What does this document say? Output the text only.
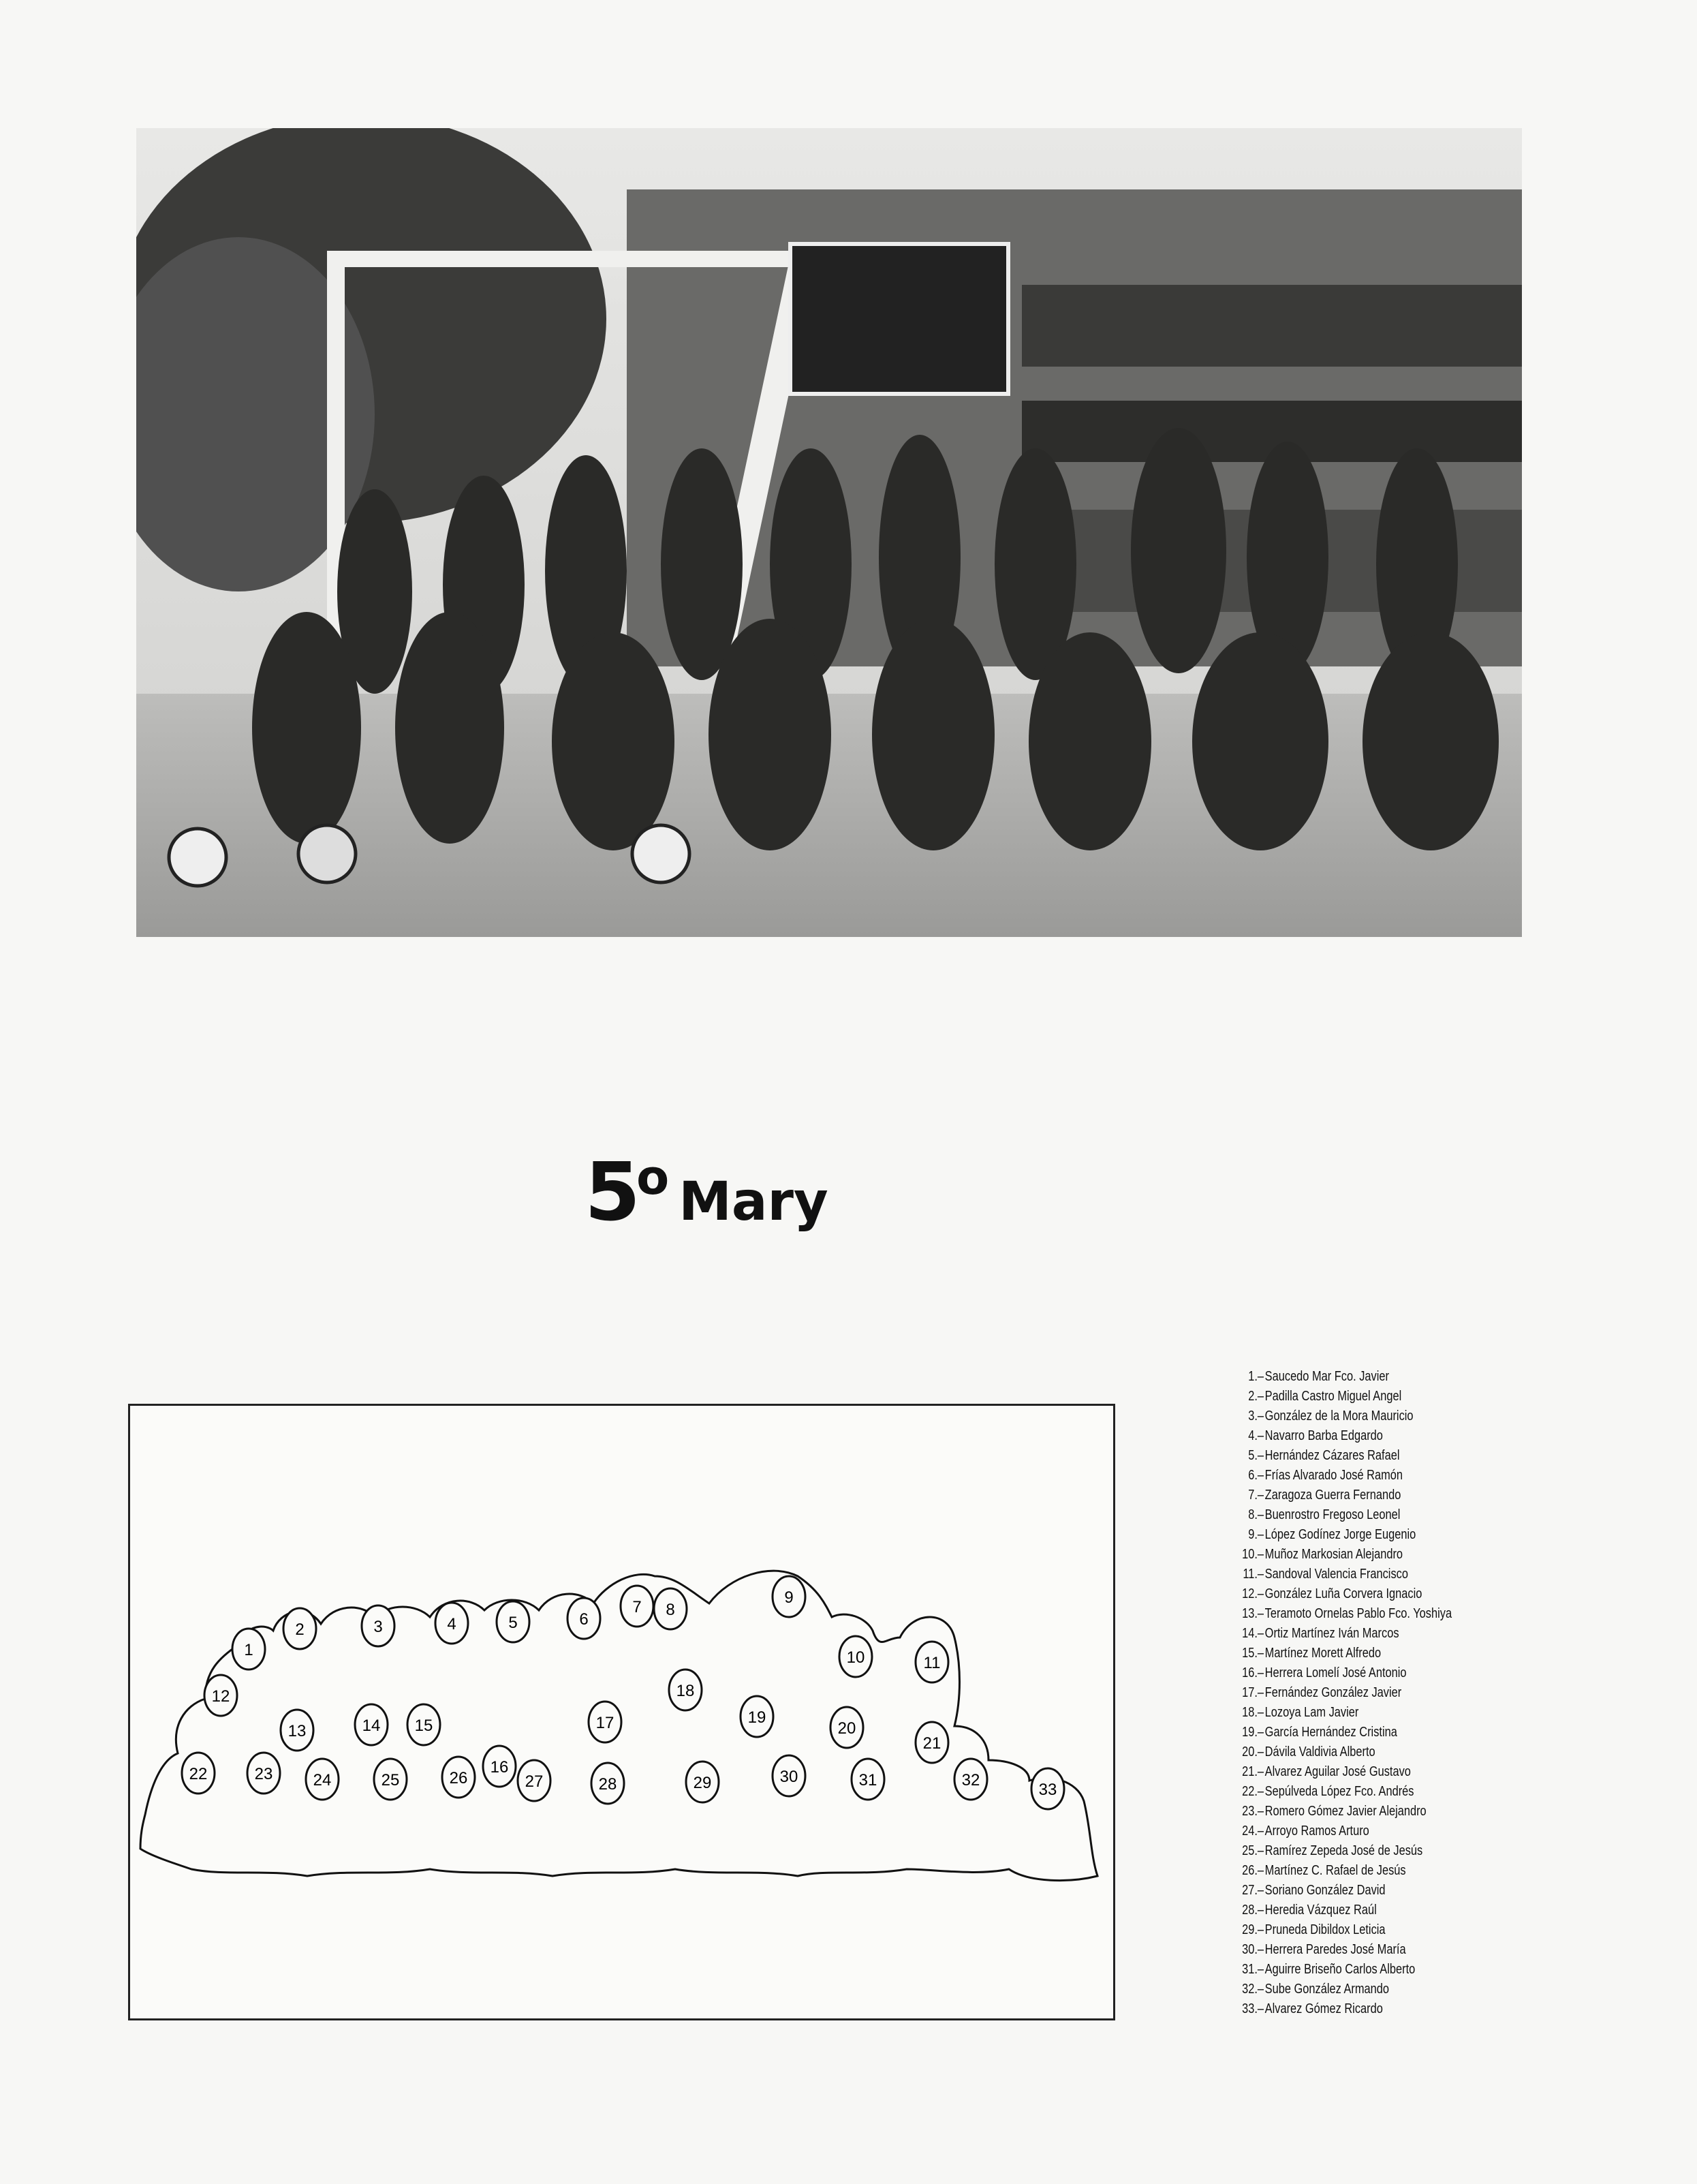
5o Mary
1
2	3	4	5	6
7 8
9
10	11
12
13	14 15
16
17
18
19
20
21
22	23 24	25	26	27	28	29	30	31	32
33
1. – Saucedo Mar Fco. Javier
2. – Padilla Castro Miguel Angel
3. – González de la Mora Mauricio
4. – Navarro Barba Edgardo
5. – Hernández Cázares Rafael
6. – Frías Alvarado José Ramón
7. – Zaragoza Guerra Fernando
8. – Buenrostro Fregoso Leonel
9. – López Godínez Jorge Eugenio
10. – Muñoz Markosian Alejandro
11. – Sandoval Valencia Francisco
12. – González Luña Corvera Ignacio
13. – Teramoto Ornelas Pablo Fco. Yoshiya
14. – Ortiz Martínez Iván Marcos
15. – Martínez Morett Alfredo
16. – Herrera Lomelí José Antonio
17. – Fernández González Javier
18. – Lozoya Lam Javier
19. – García Hernández Cristina
20. – Dávila Valdivia Alberto
21. – Alvarez Aguilar José Gustavo
22. – Sepúlveda López Fco. Andrés
23. – Romero Gómez Javier Alejandro
24. – Arroyo Ramos Arturo
25. – Ramírez Zepeda José de Jesús
26. – Martínez C. Rafael de Jesús
27. – Soriano González David
28. – Heredia Vázquez Raúl
29. – Pruneda Dibildox Leticia
30. – Herrera Paredes José María
31. – Aguirre Briseño Carlos Alberto
32. – Sube González Armando
33. – Alvarez Gómez Ricardo
